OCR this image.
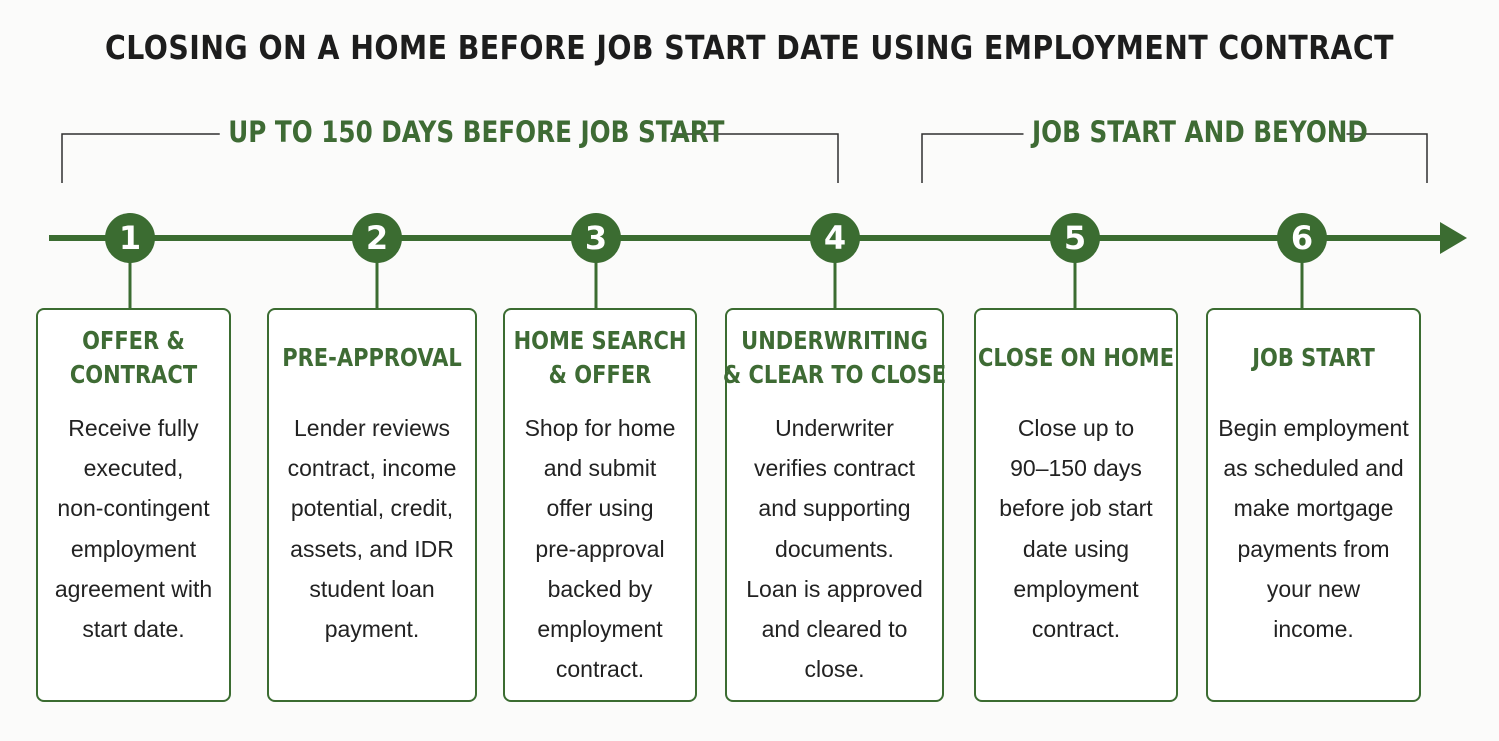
CLOSING ON A HOME BEFORE JOB START DATE USING EMPLOYMENT CONTRACT
UP TO 150 DAYS BEFORE JOB START	JOB START AND BEYOND
1	2	3	4	5	6
OFFER &
CONTRACT
Receive fully
executed,
non-contingent
employment
agreement with
start date.
PRE-APPROVAL
Lender reviews
contract, income
potential, credit,
assets, and IDR
student loan
payment.
HOME SEARCH
& OFFER
Shop for home
and submit
offer using
pre-approval
backed by
employment
contract.
UNDERWRITING
& CLEAR TO CLOSE
Underwriter
verifies contract
and supporting
documents.
Loan is approved
and cleared to
close.
CLOSE ON HOME
Close up to
90–150 days
before job start
date using
employment
contract.
JOB START
Begin employment
as scheduled and
make mortgage
payments from
your new
income.
